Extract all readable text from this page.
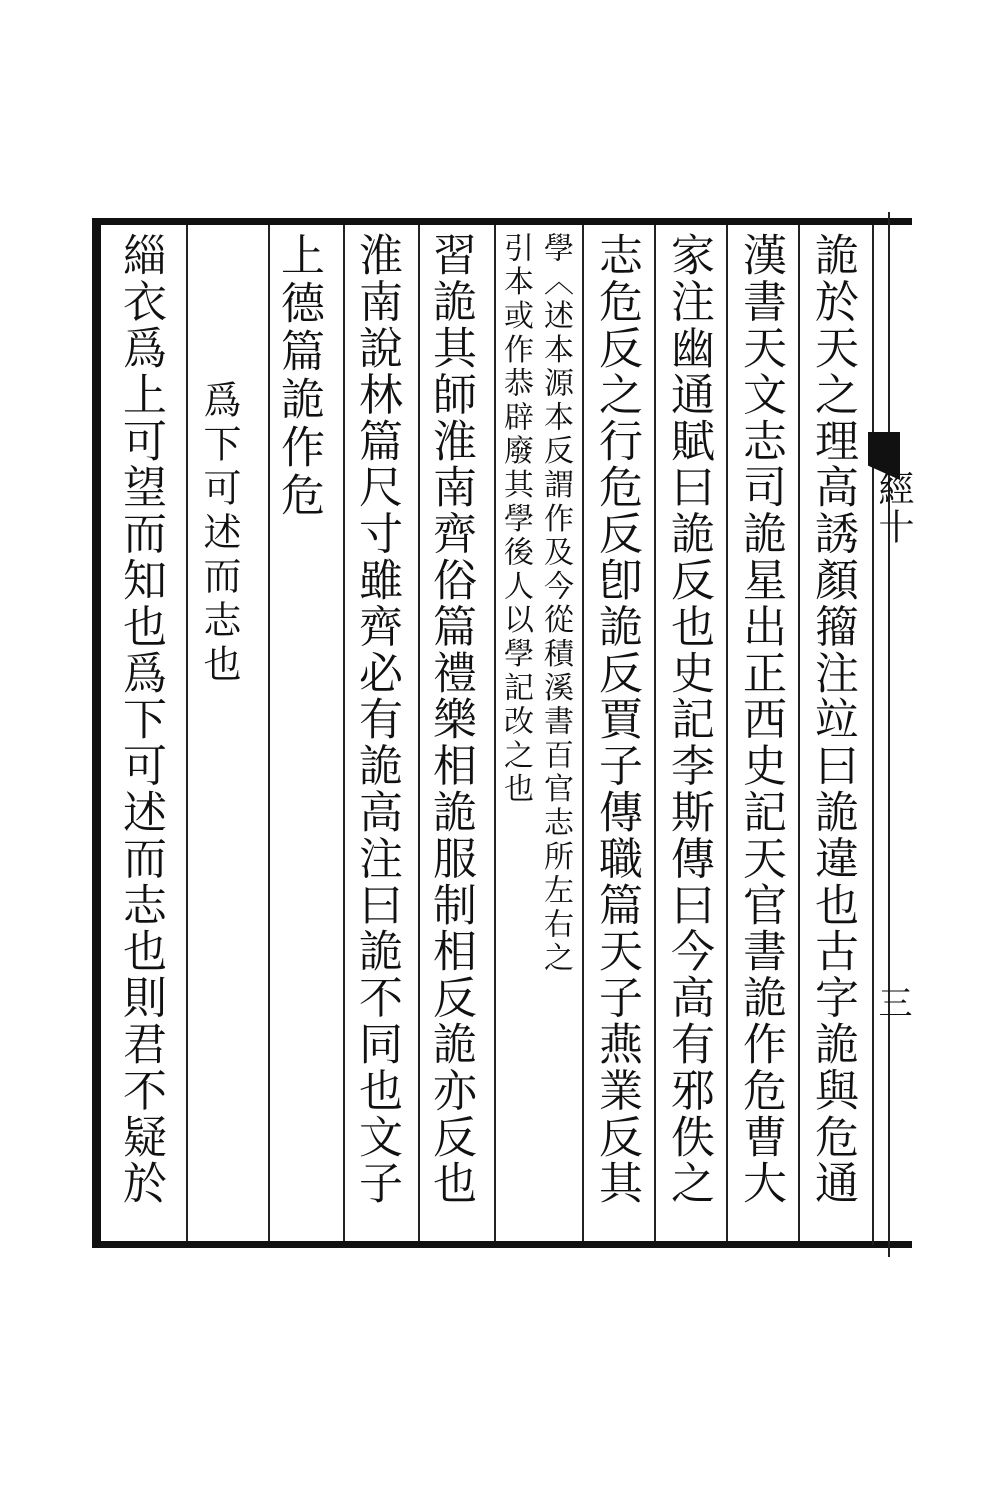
經十
三
詭於天之理高誘顏籀注竝曰詭違也古字詭與危通
漢書天文志司詭星出正西史記天官書詭作危曹大
家注幽通賦曰詭反也史記李斯傳曰今高有邪佚之
志危反之行危反卽詭反賈子傳職篇天子燕業反其
學〈述本源本反謂作及今從積溪書百官志所左右之
引本或作恭辟廢其學後人以學記改之也
習詭其師淮南齊俗篇禮樂相詭服制相反詭亦反也
淮南說林篇尺寸雖齊必有詭高注曰詭不同也文子
上德篇詭作危
爲下可述而志也
緇衣爲上可望而知也爲下可述而志也則君不疑於
